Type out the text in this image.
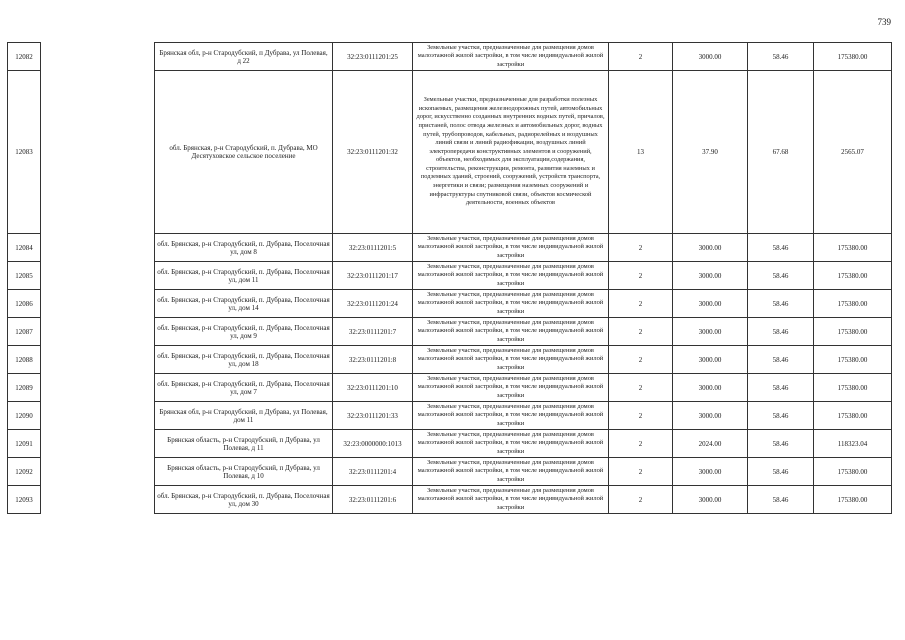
739
12082		Брянская обл, р-н Стародубский, п Дубрава, ул Полевая, д 22	32:23:0111201:25	Земельные участки, предназначенные для размещения домов малоэтажной жилой застройки, в том числе индивидуальной жилой застройки	2	3000.00	58.46	175380.00
12083		обл. Брянская, р-н Стародубский, п. Дубрава, МО Десятуховское сельское поселение	32:23:0111201:32	Земельные участки, предназначенные для разработки полезных ископаемых, размещения железнодорожных путей, автомобильных дорог, искусственно созданных внутренних водных путей, причалов, пристаней, полос отвода железных и автомобильных дорог, водных путей, трубопроводов, кабельных, радиорелейных и воздушных линий связи и линий радиофикации, воздушных линий электропередачи конструктивных элементов и сооружений, объектов, необходимых для эксплуатации,содержания, строительства, реконструкции, ремонта, развития наземных и подземных зданий, строений, сооружений, устройств транспорта, энергетики и связи; размещения наземных сооружений и инфраструктуры спутниковой связи, объектов космической деятельности, военных объектов	13	37.90	67.68	2565.07
12084		обл. Брянская, р-н Стародубский, п. Дубрава, Поселочная ул, дом 8	32:23:0111201:5	Земельные участки, предназначенные для размещения домов малоэтажной жилой застройки, в том числе индивидуальной жилой застройки	2	3000.00	58.46	175380.00
12085		обл. Брянская, р-н Стародубский, п. Дубрава, Поселочная ул, дом 11	32:23:0111201:17	Земельные участки, предназначенные для размещения домов малоэтажной жилой застройки, в том числе индивидуальной жилой застройки	2	3000.00	58.46	175380.00
12086		обл. Брянская, р-н Стародубский, п. Дубрава, Поселочная ул, дом 14	32:23:0111201:24	Земельные участки, предназначенные для размещения домов малоэтажной жилой застройки, в том числе индивидуальной жилой застройки	2	3000.00	58.46	175380.00
12087		обл. Брянская, р-н Стародубский, п. Дубрава, Поселочная ул, дом 9	32:23:0111201:7	Земельные участки, предназначенные для размещения домов малоэтажной жилой застройки, в том числе индивидуальной жилой застройки	2	3000.00	58.46	175380.00
12088		обл. Брянская, р-н Стародубский, п. Дубрава, Поселочная ул, дом 18	32:23:0111201:8	Земельные участки, предназначенные для размещения домов малоэтажной жилой застройки, в том числе индивидуальной жилой застройки	2	3000.00	58.46	175380.00
12089		обл. Брянская, р-н Стародубский, п. Дубрава, Поселочная ул, дом 7	32:23:0111201:10	Земельные участки, предназначенные для размещения домов малоэтажной жилой застройки, в том числе индивидуальной жилой застройки	2	3000.00	58.46	175380.00
12090		Брянская обл, р-н Стародубский, п Дубрава, ул Полевая, дом 11	32:23:0111201:33	Земельные участки, предназначенные для размещения домов малоэтажной жилой застройки, в том числе индивидуальной жилой застройки	2	3000.00	58.46	175380.00
12091		Брянская область, р-н Стародубский, п Дубрава, ул Полевая, д 11	32:23:0000000:1013	Земельные участки, предназначенные для размещения домов малоэтажной жилой застройки, в том числе индивидуальной жилой застройки	2	2024.00	58.46	118323.04
12092		Брянская область, р-н Стародубский, п Дубрава, ул Полевая, д 10	32:23:0111201:4	Земельные участки, предназначенные для размещения домов малоэтажной жилой застройки, в том числе индивидуальной жилой застройки	2	3000.00	58.46	175380.00
12093		обл. Брянская, р-н Стародубский, п. Дубрава, Поселочная ул, дом 30	32:23:0111201:6	Земельные участки, предназначенные для размещения домов малоэтажной жилой застройки, в том числе индивидуальной жилой застройки	2	3000.00	58.46	175380.00
